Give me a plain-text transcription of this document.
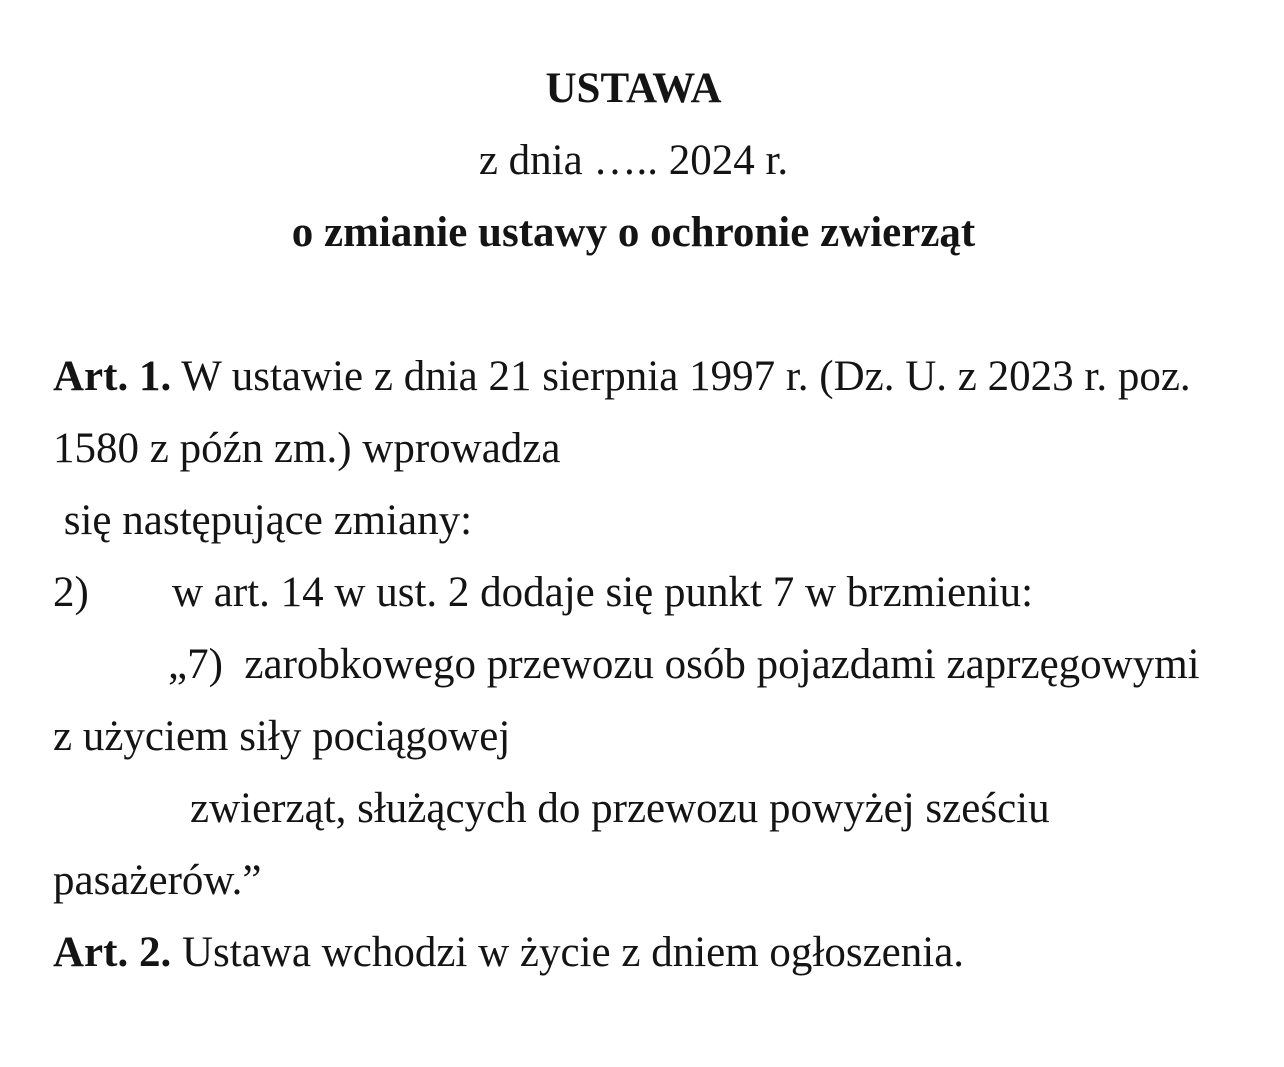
USTAWA
z dnia ….. 2024 r.
o zmianie ustawy o ochronie zwierząt
Art. 1. W ustawie z dnia 21 sierpnia 1997 r. (Dz. U. z 2023 r. poz.
1580 z późn zm.) wprowadza
się następujące zmiany:
2) w art. 14 w ust. 2 dodaje się punkt 7 w brzmieniu:
„7)  zarobkowego przewozu osób pojazdami zaprzęgowymi
z użyciem siły pociągowej
zwierząt, służących do przewozu powyżej sześciu
pasażerów.”
Art. 2. Ustawa wchodzi w życie z dniem ogłoszenia.
